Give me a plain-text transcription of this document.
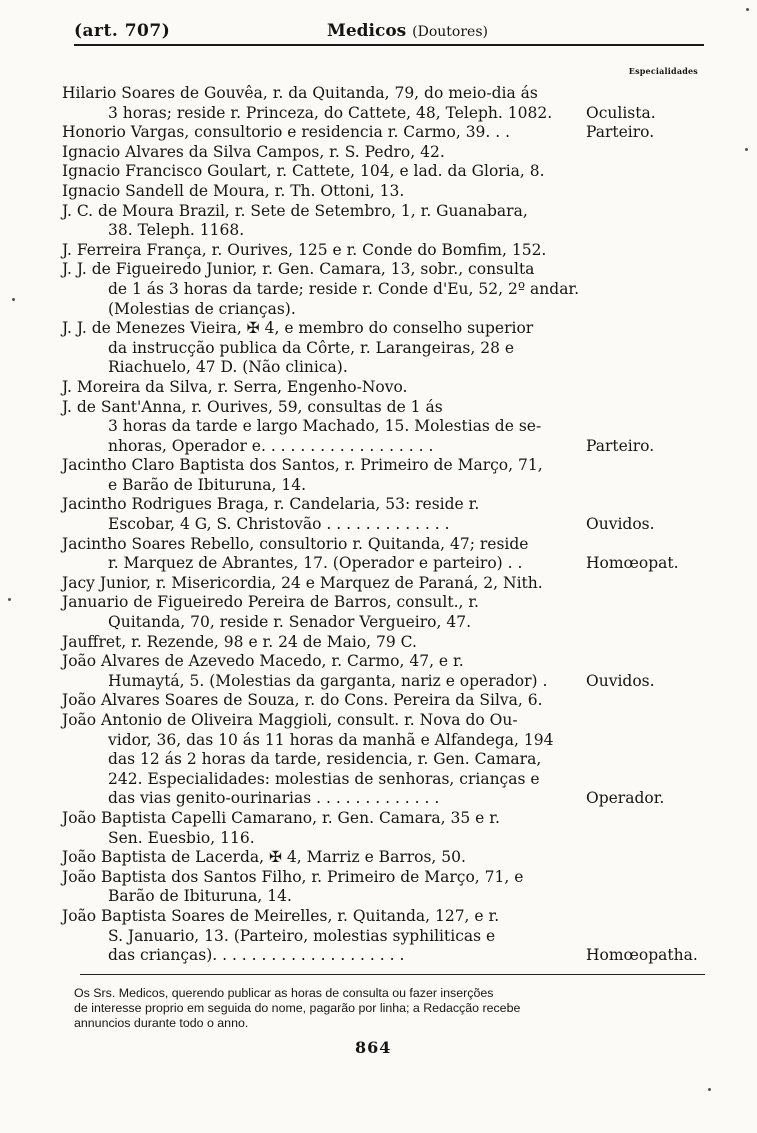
(art. 707)	Medicos (Doutores)
Especialidades
Hilario Soares de Gouvêa, r. da Quitanda, 79, do meio-dia ás
3 horas; reside r. Princeza, do Cattete, 48, Teleph. 1082. Oculista.
Honorio Vargas, consultorio e residencia r. Carmo, 39. . .	Parteiro.
Ignacio Alvares da Silva Campos, r. S. Pedro, 42.
Ignacio Francisco Goulart, r. Cattete, 104, e lad. da Gloria, 8.
Ignacio Sandell de Moura, r. Th. Ottoni, 13.
J. C. de Moura Brazil, r. Sete de Setembro, 1, r. Guanabara,
38. Teleph. 1168.
J. Ferreira França, r. Ourives, 125 e r. Conde do Bomfim, 152.
J. J. de Figueiredo Junior, r. Gen. Camara, 13, sobr., consulta
de 1 ás 3 horas da tarde; reside r. Conde d'Eu, 52, 2º andar.
(Molestias de crianças).
J. J. de Menezes Vieira, ✠ 4, e membro do conselho superior
da instrucção publica da Côrte, r. Larangeiras, 28 e
Riachuelo, 47 D. (Não clinica).
J. Moreira da Silva, r. Serra, Engenho-Novo.
J. de Sant'Anna, r. Ourives, 59, consultas de 1 ás
3 horas da tarde e largo Machado, 15. Molestias de se-
nhoras, Operador e. . . . . . . . . . . . . . . . . .	Parteiro.
Jacintho Claro Baptista dos Santos, r. Primeiro de Março, 71,
e Barão de Ibituruna, 14.
Jacintho Rodrigues Braga, r. Candelaria, 53: reside r.
Escobar, 4 G, S. Christovão . . . . . . . . . . . . .	Ouvidos.
Jacintho Soares Rebello, consultorio r. Quitanda, 47; reside
r. Marquez de Abrantes, 17. (Operador e parteiro) . .	Homœopat.
Jacy Junior, r. Misericordia, 24 e Marquez de Paraná, 2, Nith.
Januario de Figueiredo Pereira de Barros, consult., r.
Quitanda, 70, reside r. Senador Vergueiro, 47.
Jauffret, r. Rezende, 98 e r. 24 de Maio, 79 C.
João Alvares de Azevedo Macedo, r. Carmo, 47, e r.
Humaytá, 5. (Molestias da garganta, nariz e operador) . Ouvidos.
João Alvares Soares de Souza, r. do Cons. Pereira da Silva, 6.
João Antonio de Oliveira Maggioli, consult. r. Nova do Ou-
vidor, 36, das 10 ás 11 horas da manhã e Alfandega, 194
das 12 ás 2 horas da tarde, residencia, r. Gen. Camara,
242. Especialidades: molestias de senhoras, crianças e
das vias genito-ourinarias . . . . . . . . . . . . .	Operador.
João Baptista Capelli Camarano, r. Gen. Camara, 35 e r.
Sen. Euesbio, 116.
João Baptista de Lacerda, ✠ 4, Marriz e Barros, 50.
João Baptista dos Santos Filho, r. Primeiro de Março, 71, e
Barão de Ibituruna, 14.
João Baptista Soares de Meirelles, r. Quitanda, 127, e r.
S. Januario, 13. (Parteiro, molestias syphiliticas e
das crianças). . . . . . . . . . . . . . . . . . . .	Homœopatha.
Os Srs. Medicos, querendo publicar as horas de consulta ou fazer inserções
de interesse proprio em seguida do nome, pagarão por linha; a Redacção recebe
annuncios durante todo o anno.
864
